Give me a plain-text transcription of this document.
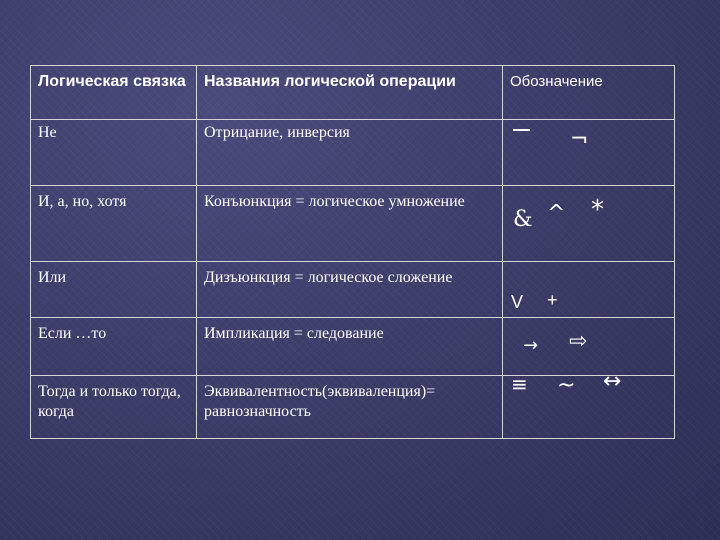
Логическая связка	Названия логической операции	Обозначение
Не	Отрицание, инверсия	¬

И, а, но, хотя	Конъюнкция = логическое умножение	& ^ *

Или	Дизъюнкция = логическое сложение	V +

Если …то	Импликация = следование	→ ⇨

Тогда и только тогда, когда	Эквивалентность(эквиваленция)= равнозначность	≡ ~ ↔
